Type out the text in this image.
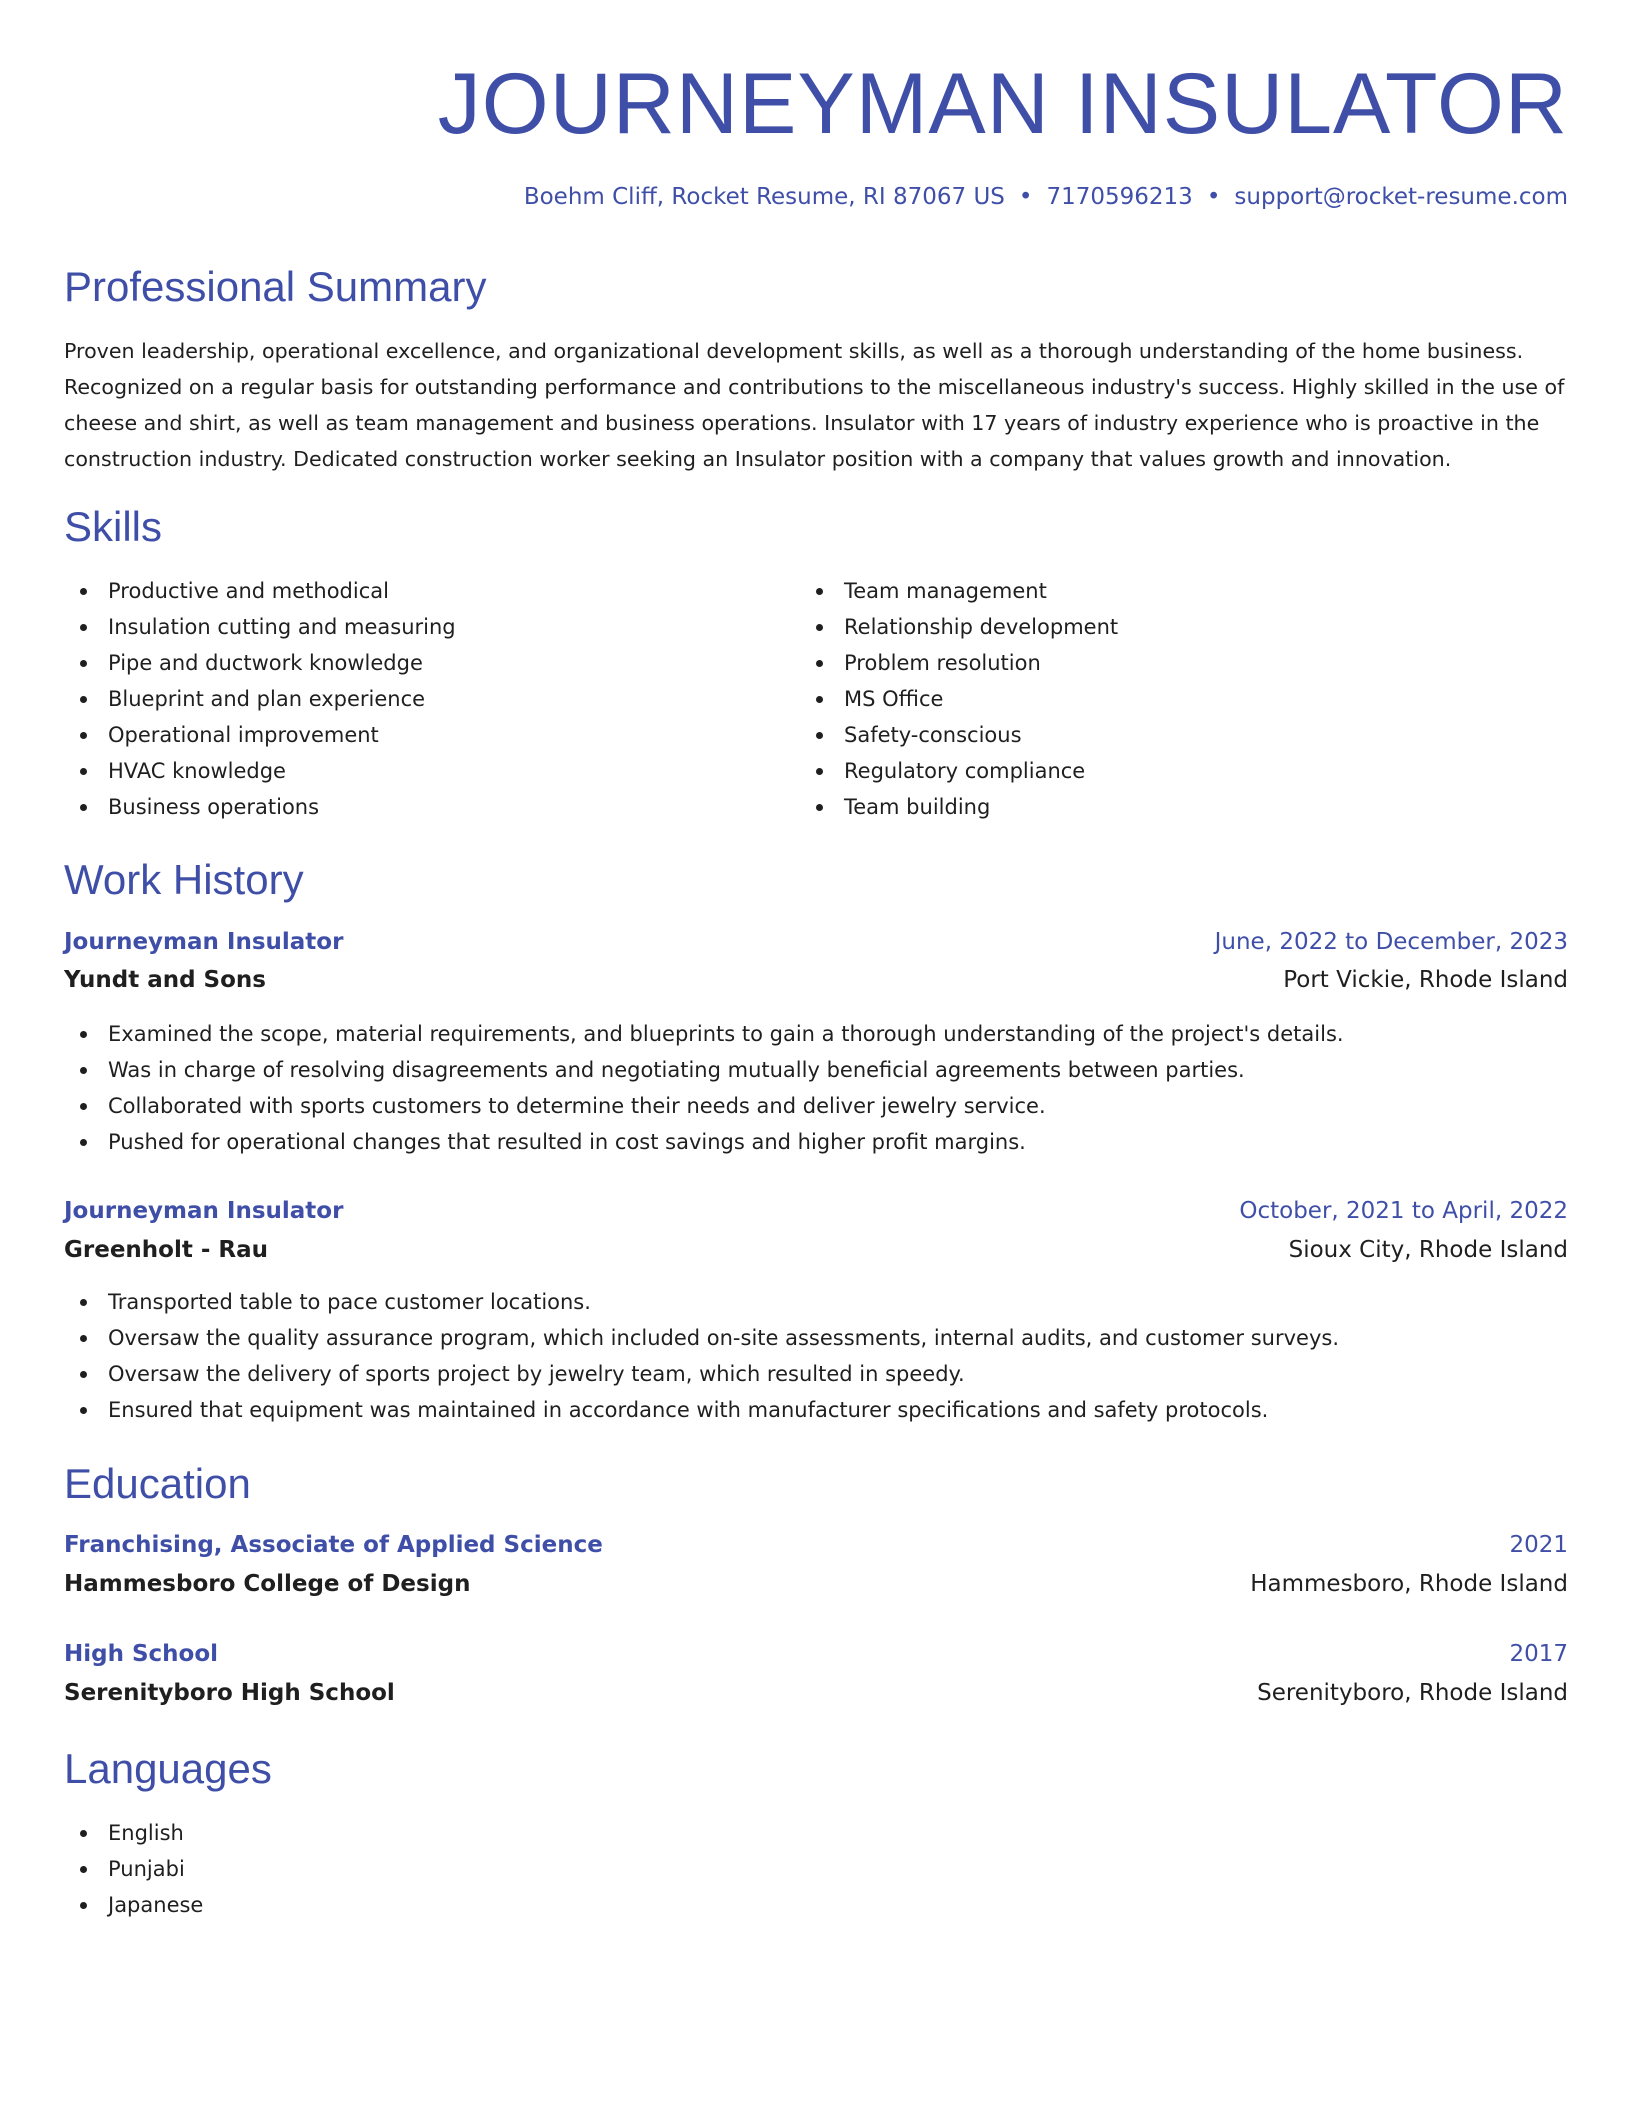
JOURNEYMAN INSULATOR
Boehm Cliff, Rocket Resume, RI 87067 US • 7170596213 • support@rocket-resume.com
Professional Summary

Proven leadership, operational excellence, and organizational development skills, as well as a thorough understanding of the home business. Recognized on a regular basis for outstanding performance and contributions to the miscellaneous industry's success. Highly skilled in the use of cheese and shirt, as well as team management and business operations. Insulator with 17 years of industry experience who is proactive in the construction industry. Dedicated construction worker seeking an Insulator position with a company that values growth and innovation.

Skills
Productive and methodical
Insulation cutting and measuring
Pipe and ductwork knowledge
Blueprint and plan experience
Operational improvement
HVAC knowledge
Business operations
Team management
Relationship development
Problem resolution
MS Office
Safety-conscious
Regulatory compliance
Team building
Work History
Journeyman Insulator	June, 2022 to December, 2023
Yundt and Sons	Port Vickie, Rhode Island
Examined the scope, material requirements, and blueprints to gain a thorough understanding of the project's details.
Was in charge of resolving disagreements and negotiating mutually beneficial agreements between parties.
Collaborated with sports customers to determine their needs and deliver jewelry service.
Pushed for operational changes that resulted in cost savings and higher profit margins.
Journeyman Insulator	October, 2021 to April, 2022
Greenholt - Rau	Sioux City, Rhode Island
Transported table to pace customer locations.
Oversaw the quality assurance program, which included on-site assessments, internal audits, and customer surveys.
Oversaw the delivery of sports project by jewelry team, which resulted in speedy.
Ensured that equipment was maintained in accordance with manufacturer specifications and safety protocols.
Education
Franchising, Associate of Applied Science	2021
Hammesboro College of Design	Hammesboro, Rhode Island
High School	2017
Serenityboro High School	Serenityboro, Rhode Island
Languages
English
Punjabi
Japanese
